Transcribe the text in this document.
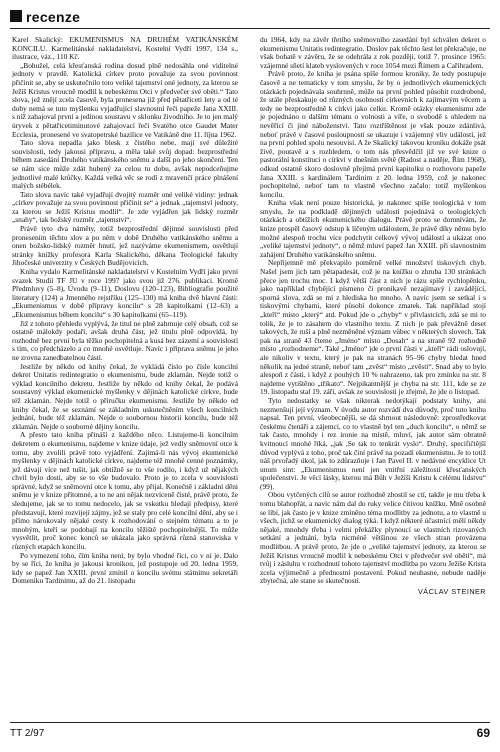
recenze

Karel Skalický: EKUMENISMUS NA DRUHÉM VATIKÁNSKÉM KONCILU. Karmelitánské nakladatelství, Kostelní Vydří 1997, 134 s., ilustrace, váz., 110 Kč.

„Bohužel, celá křesťanská rodina dosud plně nedosáhla oné viditelné jednoty v pravdě. Katolická církev proto považuje za svou povinnost přičinit se, aby se uskutečnilo toto veliké tajemství oné jednoty, za kterou se Ježíš Kristus vroucně modlil k nebeskému Otci v předvečer své oběti.“ Tato slova, jež znějí zcela časově, byla pronesena již před pětatřiceti lety a od té doby nemá se tuto myšlenku vyjadřující slavnostní řeči papeže Jana XXIII. s níž zahajoval první a jedinou soustavu v sklonku živodního. Je to jen malý úryvek z pětatřicetiminutové zahajovací řeči Svatého otce Gaudet Mater Ecclesia, pronesené ve svatopetrské bazilice ve Vatikáně dne 11. října 1962.

Tato slova nepadla jako blesk z čistého nebe, mají své důležité souvislosti, tedy jakousi přípravu, a měla také svůj dopad: bezprostřední během zasedání Druhého vatikánského sněmu a další po jeho skončení. Ten se nám sice může zdát hubený za celou tu dobu, avšak nepodceňujme jednotlivé malé krůčky. Každá velká věc se rodí z mravenčí práce plnášení malých stébélek.

Tato slova navíc také vyjadřují dvojitý rozměr oné veliké vidiny: jednak „církev považuje za svou povinnost přičinit se“ a jednak „tajemství jednoty, za kterou se Ježíš Kristus modlil“. Je zde vyjádřen jak lidský rozměr „snahy“, tak božský rozměr „tajemství“.

Právě tyto dva náměty, totiž bezprostřední dějinné souvislosti před pronesením těchto slov a po něm v době Druhého vatikánského sněmu a onen božsko-lidský rozměr hnutí, jež nazýváme ekumenismem, osvětlují stránky knížky profesora Karla Skalického, děkana Teologické fakulty Jihočeské univerzity v Českých Budějovicích.

Kniha vydalo Karmelitánské nakladatelství v Kostelním Vydří jako první svazek Studií TF JU v roce 1997 jako svou již 276. publikaci. Kromě Předmluvy (5–8), Úvodu (9–11), Doslovu (120–123), Bibliografie použité literatury (124) a Jmenného rejstříku (125–130) má kniha dvě hlavní části: „Ekumenismus v době přípravy koncilu“ s 28 kapitolkami (12–63) a „Ekumenismus během koncilu“ s 30 kapitolkami (65–119).

Již z tohoto přehledu vyplývá, že titul ne plně zahrnuje celý obsah, což se ostatně málokdy podaří, avšak druhá část, jež titulu plně odpovídá, by rozhodně bez první byla těžko pochopitelná a kusá bez zázemí a souvislostí s tím, co předcházelo a co mnohé osvětluje. Navíc i příprava sněmu je jeho ne zrovna zanedbatelnou částí.

Jestliže by někdo od knihy čekal, že vykládá číslo po čísle koncilní dekret Unitatis redintegratio o ekumenismu, bude zklamán. Nejde totiž o výklad koncilního dekretu. Jestliže by někdo od knihy čekal, že podává soustavný výklad ekumenické myšlenky v dějinách katolické církve, bude též zklamán. Nejde totiž o příručku ekumenismu. Jestliže by někdo od knihy čekal, že se seznámí se základním uskutečněním všech koncilních jednání, bude též zklamán. Nejde o soubornou historii koncilu, bude též zklamán. Nejde o souborné dějiny koncilu.

A přesto tato kniha přináší z každého něco. Listujeme-li koncilním dekretem o ekumenismu, najdeme v knize údaje, jež vedly sněmovní otce k tomu, aby zvolili právě toto vyjádření. Zajímá-li nás vývoj ekumenické myšlenky v dějinách katolické církve, najdeme též mnohé cenné poznámky, jež dávají více než tušit, jak obtížně se to vše rodilo, i když už nějakých chvil bylo dosti, aby se to vše budovalo. Proto je to zcela v souvislosti správné, když se sněmovní otce k tomu, aby přijal. Konečně i základní děni sněmu je v knize přítomné, a to ne ani nějak nezvíceně čisté, právě proto, že sledujeme, jak se to tomu nedocelo, jak se vskutku hledají předpisy, které představují, které rozvíjejí zájmy, jež se staly pro celé koncilní dění, aby se i přímo nárokovaly nějaké cesty k rozhodování o stejném tématu a to je mnohým, kteří se podobají na koncilu těžiště pochopitelnější. To může vysvětlit, proč konec konců se ukázala jako správná různá stanoviska v různých etapách koncilu.

Po vymezení toho, čím kniha není, by bylo vhodné říci, co v ní je. Dalo by se říci, že kniha je jakousi kronikou, jež postupuje od 20. ledna 1959, kdy se papež Jan XXIII. první zmínil o koncilu svému státnímu sekretáři Domeniku Tardinimu, až do 21. listopadu

du 1964, kdy na závěr třetího sněmovního zasedání byl schválen dekret o ekumenismu Unitatis redintegratio. Doslov pak těchto šest let překračuje, ne však bohatě v závěru, že se odehrála z rok později, totiž 7. prosince 1965: vzájemné sňetí klateb vyslovených v roce 1054 mezi Římem a Cařihradem.

Právě proto, že kniha je psána spíše formou kroniky, že tedy postupuje časově a ne tematicky v tom smyslu, že by o jednotlivých ekumenických otázkách pojednávala souhrnně, může na první pohled působit rozdrobeně, že stále přeskakuje od různých osobností církevních k zajímavým věcem a tedy ne bezprostředně k církvi jako celku. Kromě otázky ekumenismu zde je pojednáno o dalším tématu o volnosti a víře, o svobodě s ohledem na nevěřící či jiné náboženství. Tato roztříštěnost je však pouze zdánlivá, neboť právě v časové posloupnosti se ukazuje i vzájemný vliv událostí, jež na první pohled spolu nesouvisí. A že Skalický takovou kroniku dokáže psát živě, poutavě a s rozhledem, o tom nás přesvědčil již ve své knize o pastorální konstituci o církvi v dnešním světě (Radost a naděje, Řím 1968), odkud ostatně skoro doslovně přejímá první kapitolku o rozhovoru papeže Jana XXIII. s kardinálem Tardinim z 20. ledna 1959, což je nakonec pochopitelné, neboť tam to vlastně všechno začalo: totiž myšlenkou koncilu.

Kniha však není pouze historická, je nakonec spíše teologická v tom smyslu, že na podkladě dějinných událostí pojednává o teologických otázkách a obtížích ekumenického dialogu. Právě proto se domnívám, že knize prospěl časový odstup k líčeným událostem, že právě díky němu bylo možné alespoň trochu více podchytit celkový vývoj událostí a ukázat ono „veliké tajemství jednoty“, o němž mluví papež Jan XXIII. při slavnostním zahájení Druhého vatikánského sněmu.

Nepřijemně mě překvapilo poměrně velké množství tiskových chyb. Našel jsem jich tam pětapadesát, což je na knížku o zhruba 130 stránkách přece jen trochu moc. I když větší část z nich je rázu spíše rychlopěnku, jako například chybějící písmeno či pronikavě nezajímavý i zavádějící, sporná slova, zdá se mi z hlediska ho mnoho. A navíc jsem se setkal i s tiskovými chybami, které působí dokonce zmatek. Tak například stojí „kteří“ místo „který“ atd. Pokud jde o „chyby“ v přívlastcích, zdá se mi to tolik, že je to zásahem do vlastního textu. Z nich je pak převážně deset takových, že ruší a plně nezměněné význam vůbec v některých slovech. Tak pak na straně 43 čteme „Jméno“ místo „Dosah“ a na straně 92 rozhodně místo „rozhodneme“. Také „Jméno“ jde o první části v „kteří“ rádi oslovují, ale nikoliv v textu, který je pak na stranách 95–96 chyby hledat hned několik na jedné straně, neboť tam „zvěst“ místo „zvěsti“. Snad aby to bylo alespoň z části, i když z pouhých 10 % nahrazeno, tak pro zmínku na str. 8 najdeme vytištěno „třikato“. Nejpikantnější je chyba na str. 111, kde se ze 19. listopadu stal 19. září, avšak ze souvislosti je zřejmé, že jde o listopad.

Tyto nedostatky se však nikterak nedotýkají podstaty knihy, ani nezmenšují její význam. V úvodu autor rozvádí dva důvody, proč tuto knihu napsal. Ten první, všeobecnější, se dá shrnout následovně: zprostředkovat českému čtenáři a zájemci, co to vlastně byl ten „duch koncilu“, o němž se tak často, mnohdy i rez ironie na místě, mluví, jak autor sám obratně kvitnoucí mnohé říká, „jak ,Se tak to tenkrát vyslo“. Druhý, specifičtější důvod vyplývá z toho, proč tak činí právě na pozadí ekumenismu. Je to totiž náš prvořadý úkol, jak to zdůrazňuje i Jan Pavel II. v nedávné encyklice Ut unum sint: „Ekumenismus není jen vnitřní záležitostí křesťanských společenství. Je věcí lásky, kterou má Bůh v Ježíši Kristu k celému lidstvu“ (99).

Obou vytčených cílů se autor rozhodně zhostil se ctí, takže je mu třeba k tomu blahopřát, a navíc nám dal do ruky velice čitivou knížku. Mně osobně se líbí, jak často je v knize zmíněno téma modlitby za jednotu, a to vlastně u všech, jichž se ekumenický dialog týká. I když některé účastníci mělí někdy nějaké, mnohdy třeba i velmi překážky plynoucí se vlastních rizovaných setkání a jednání, byla nicméně většinou ze všech stran provázena modlitbou. A právě proto, že jde o „veliké tajemství jednoty, za kterou se Ježíš Kristus vroucně modlil k nebeskému Otci v předvečer své oběti“, má tvůj i zásluhu v rozhodnutí tohoto tajemství modlitba po vzoru Ježíše Krista zcela výjimečně a přednostní postavení. Pokud neuhasne, nebude naděje zbytečná, ale stane se skutečností.

VÁCLAV STEINER

TT 2/97	69
